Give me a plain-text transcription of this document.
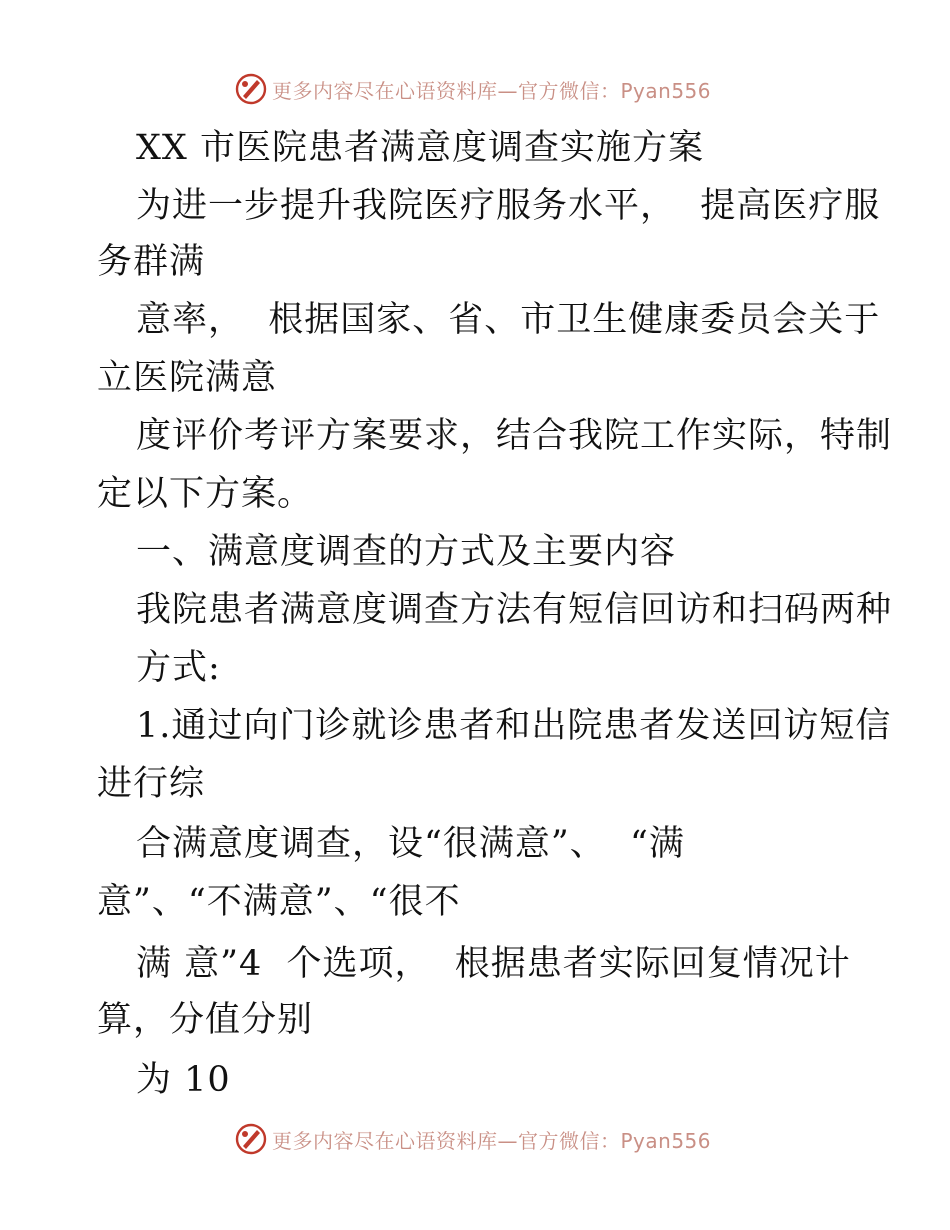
更多内容尽在心语资料库—官方微信：Pyan556
XX 市医院患者满意度调查实施方案
为进一步提升我院医疗服务水平，  提高医疗服
务群满
意率，  根据国家、省、市卫生健康委员会关于
立医院满意
度评价考评方案要求，结合我院工作实际，特制
定以下方案。
一、满意度调查的方式及主要内容
我院患者满意度调查方法有短信回访和扫码两种
方式:
1.通过向门诊就诊患者和出院患者发送回访短信
进行综
合满意度调查，设“很满意”、  “满
意”、“不满意”、“很不
满 意”4  个选项，  根据患者实际回复情况计
算，分值分别
为 10
更多内容尽在心语资料库—官方微信：Pyan556
